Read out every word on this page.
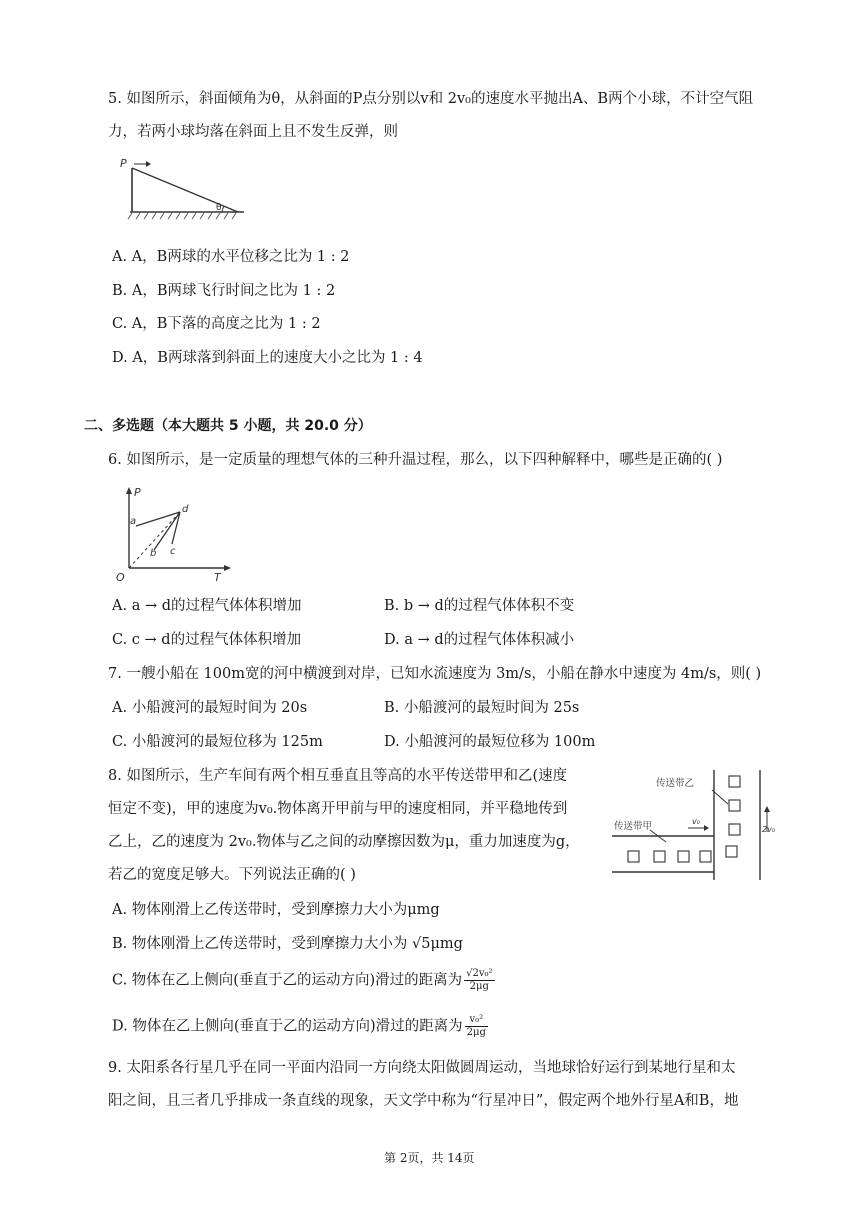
5. 如图所示，斜面倾角为θ，从斜面的P点分别以v和 2v₀的速度水平抛出A、B两个小球，不计空气阻
力，若两小球均落在斜面上且不发生反弹，则
P
θ
A. A，B两球的水平位移之比为 1 : 2
B. A，B两球飞行时间之比为 1 : 2
C. A，B下落的高度之比为 1 : 2
D. A，B两球落到斜面上的速度大小之比为 1 : 4
二、多选题（本大题共 5 小题，共 20.0 分）
6. 如图所示，是一定质量的理想气体的三种升温过程，那么，以下四种解释中，哪些是正确的( )
P
T
O
a
b c
d
A. a → d的过程气体体积增加	B. b → d的过程气体体积不变
C. c → d的过程气体体积增加	D. a → d的过程气体体积减小
7. 一艘小船在 100m宽的河中横渡到对岸，已知水流速度为 3m/s，小船在静水中速度为 4m/s，则( )
A. 小船渡河的最短时间为 20s	B. 小船渡河的最短时间为 25s
C. 小船渡河的最短位移为 125m	D. 小船渡河的最短位移为 100m
8. 如图所示，生产车间有两个相互垂直且等高的水平传送带甲和乙(速度
恒定不变)，甲的速度为v₀.物体离开甲前与甲的速度相同，并平稳地传到
乙上，乙的速度为 2v₀.物体与乙之间的动摩擦因数为μ，重力加速度为g，
若乙的宽度足够大。下列说法正确的( )
传送带乙
传送带甲	v₀
2v₀
A. 物体刚滑上乙传送带时，受到摩擦力大小为μmg
B. 物体刚滑上乙传送带时，受到摩擦力大小为 √5μmg
C. 物体在乙上侧向(垂直于乙的运动方向)滑过的距离为 $\frac{\text{√2v₀²}}{2\mu g}$
D. 物体在乙上侧向(垂直于乙的运动方向)滑过的距离为 $\frac{\text{v₀²}}{2\mu g}$
9. 太阳系各行星几乎在同一平面内沿同一方向绕太阳做圆周运动，当地球恰好运行到某地行星和太
阳之间，且三者几乎排成一条直线的现象，天文学中称为“行星冲日”，假定两个地外行星A和B，地
第 2页，共 14页
